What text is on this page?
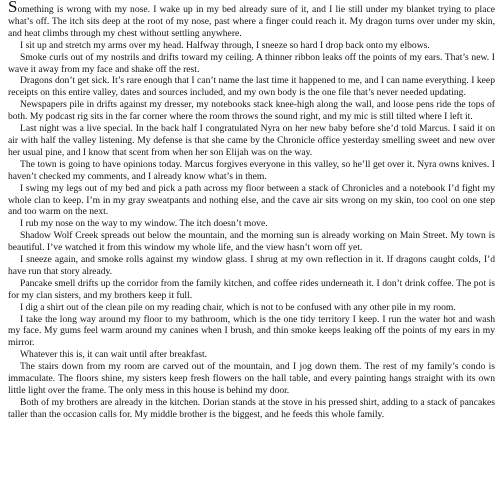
Something is wrong with my nose. I wake up in my bed already sure of it, and I lie still under my blanket trying to place what’s off. The itch sits deep at the root of my nose, past where a finger could reach it. My dragon turns over under my skin, and heat climbs through my chest without settling anywhere.

I sit up and stretch my arms over my head. Halfway through, I sneeze so hard I drop back onto my elbows.

Smoke curls out of my nostrils and drifts toward my ceiling. A thinner ribbon leaks off the points of my ears. That’s new. I wave it away from my face and shake off the rest.

Dragons don’t get sick. It’s rare enough that I can’t name the last time it happened to me, and I can name everything. I keep receipts on this entire valley, dates and sources included, and my own body is the one file that’s never needed updating.

Newspapers pile in drifts against my dresser, my notebooks stack knee-high along the wall, and loose pens ride the tops of both. My podcast rig sits in the far corner where the room throws the sound right, and my mic is still tilted where I left it.

Last night was a live special. In the back half I congratulated Nyra on her new baby before she’d told Marcus. I said it on air with half the valley listening. My defense is that she came by the Chronicle office yesterday smelling sweet and new over her usual pine, and I know that scent from when her son Elijah was on the way.

The town is going to have opinions today. Marcus forgives everyone in this valley, so he’ll get over it. Nyra owns knives. I haven’t checked my comments, and I already know what’s in them.

I swing my legs out of my bed and pick a path across my floor between a stack of Chronicles and a notebook I’d fight my whole clan to keep. I’m in my gray sweatpants and nothing else, and the cave air sits wrong on my skin, too cool on one step and too warm on the next.

I rub my nose on the way to my window. The itch doesn’t move.

Shadow Wolf Creek spreads out below the mountain, and the morning sun is already working on Main Street. My town is beautiful. I’ve watched it from this window my whole life, and the view hasn’t worn off yet.

I sneeze again, and smoke rolls against my window glass. I shrug at my own reflection in it. If dragons caught colds, I’d have run that story already.

Pancake smell drifts up the corridor from the family kitchen, and coffee rides underneath it. I don’t drink coffee. The pot is for my clan sisters, and my brothers keep it full.

I dig a shirt out of the clean pile on my reading chair, which is not to be confused with any other pile in my room.

I take the long way around my floor to my bathroom, which is the one tidy territory I keep. I run the water hot and wash my face. My gums feel warm around my canines when I brush, and thin smoke keeps leaking off the points of my ears in my mirror.

Whatever this is, it can wait until after breakfast.

The stairs down from my room are carved out of the mountain, and I jog down them. The rest of my family’s condo is immaculate. The floors shine, my sisters keep fresh flowers on the hall table, and every painting hangs straight with its own little light over the frame. The only mess in this house is behind my door.

Both of my brothers are already in the kitchen. Dorian stands at the stove in his pressed shirt, adding to a stack of pancakes taller than the occasion calls for. My middle brother is the biggest, and he feeds this whole family.
